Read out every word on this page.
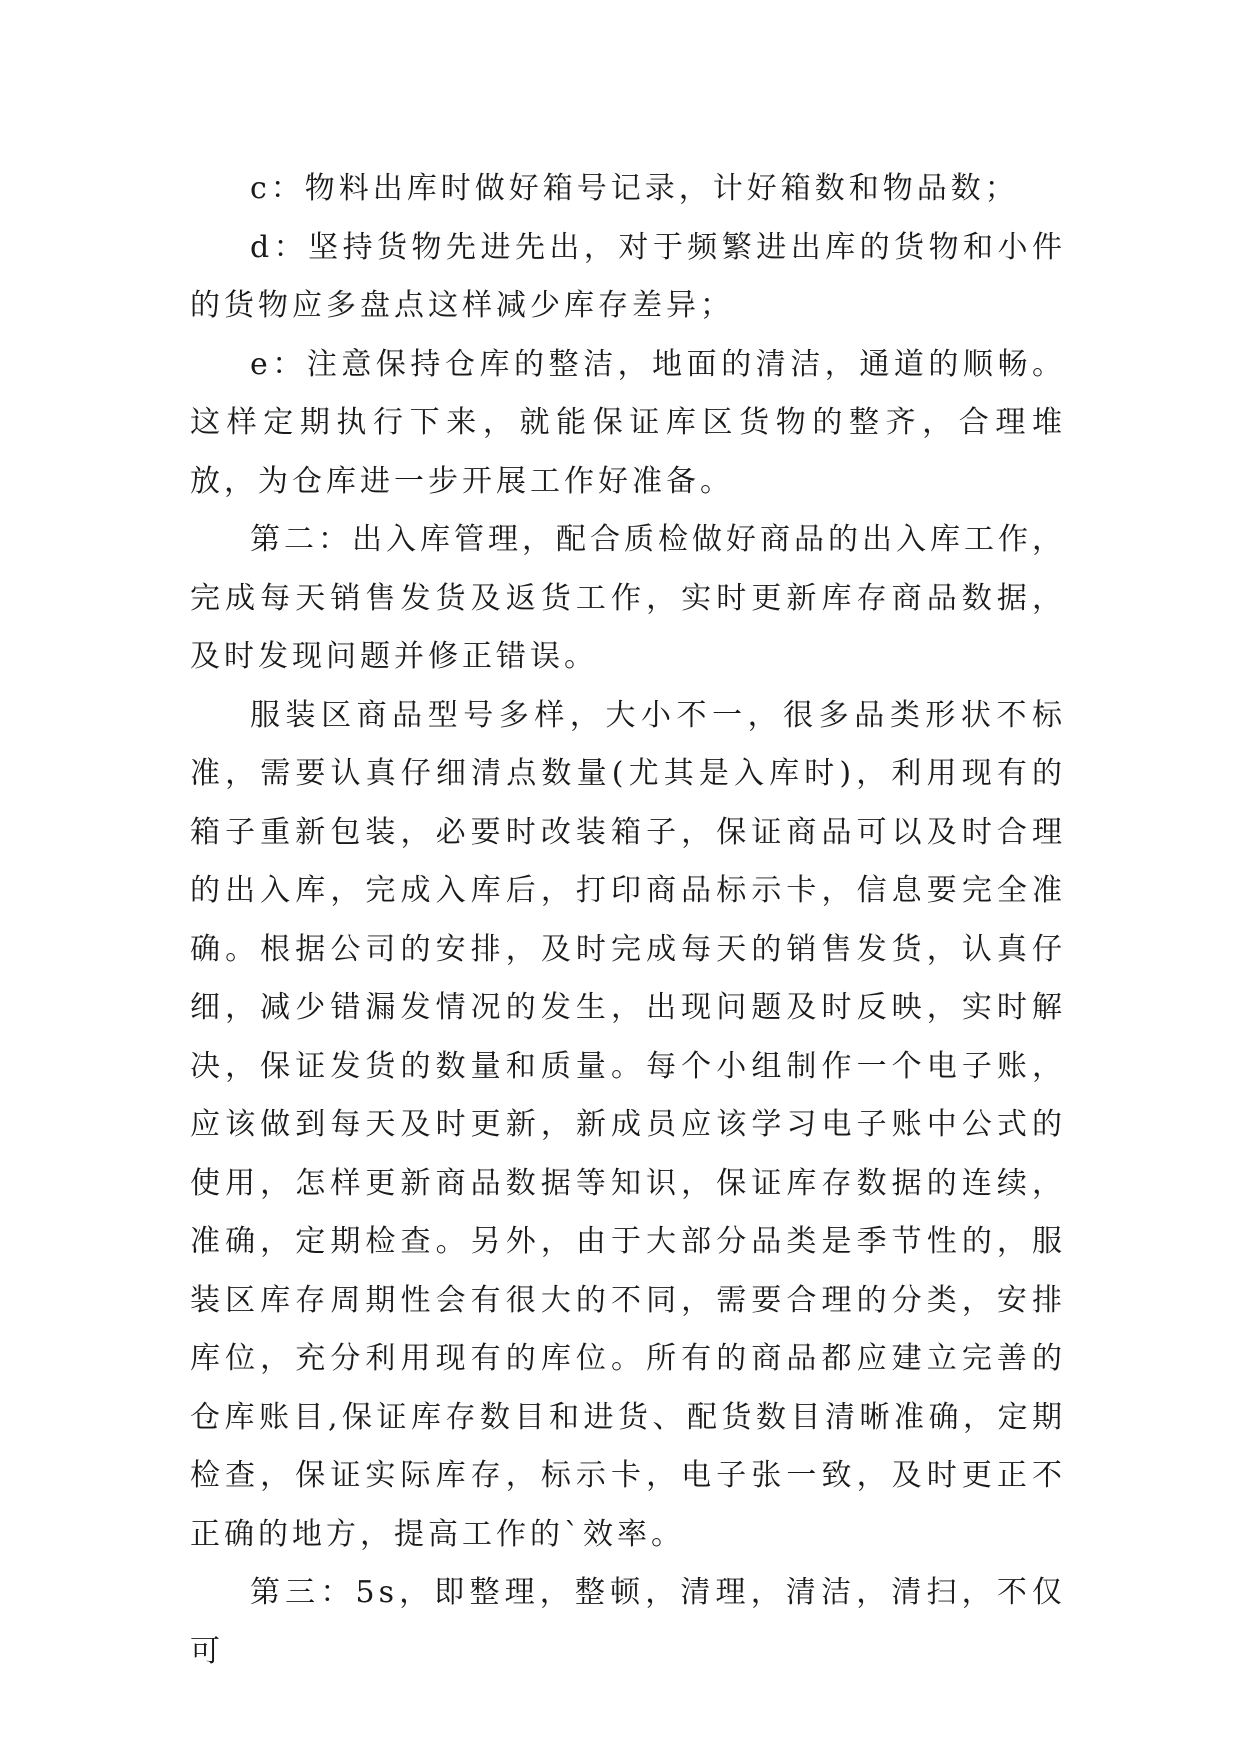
c：物料出库时做好箱号记录，计好箱数和物品数；

d：坚持货物先进先出，对于频繁进出库的货物和小件的货物应多盘点这样减少库存差异；

e：注意保持仓库的整洁，地面的清洁，通道的顺畅。这样定期执行下来，就能保证库区货物的整齐，合理堆放，为仓库进一步开展工作好准备。

第二：出入库管理，配合质检做好商品的出入库工作，完成每天销售发货及返货工作，实时更新库存商品数据，及时发现问题并修正错误。

服装区商品型号多样，大小不一，很多品类形状不标准，需要认真仔细清点数量(尤其是入库时)，利用现有的箱子重新包装，必要时改装箱子，保证商品可以及时合理的出入库，完成入库后，打印商品标示卡，信息要完全准确。根据公司的安排，及时完成每天的销售发货，认真仔细，减少错漏发情况的发生，出现问题及时反映，实时解决，保证发货的数量和质量。每个小组制作一个电子账，应该做到每天及时更新，新成员应该学习电子账中公式的使用，怎样更新商品数据等知识，保证库存数据的连续，准确，定期检查。另外，由于大部分品类是季节性的，服装区库存周期性会有很大的不同，需要合理的分类，安排库位，充分利用现有的库位。所有的商品都应建立完善的仓库账目,保证库存数目和进货、配货数目清晰准确，定期检查，保证实际库存，标示卡，电子张一致，及时更正不正确的地方，提高工作的`效率。

第三：5s，即整理，整顿，清理，清洁，清扫，不仅可
